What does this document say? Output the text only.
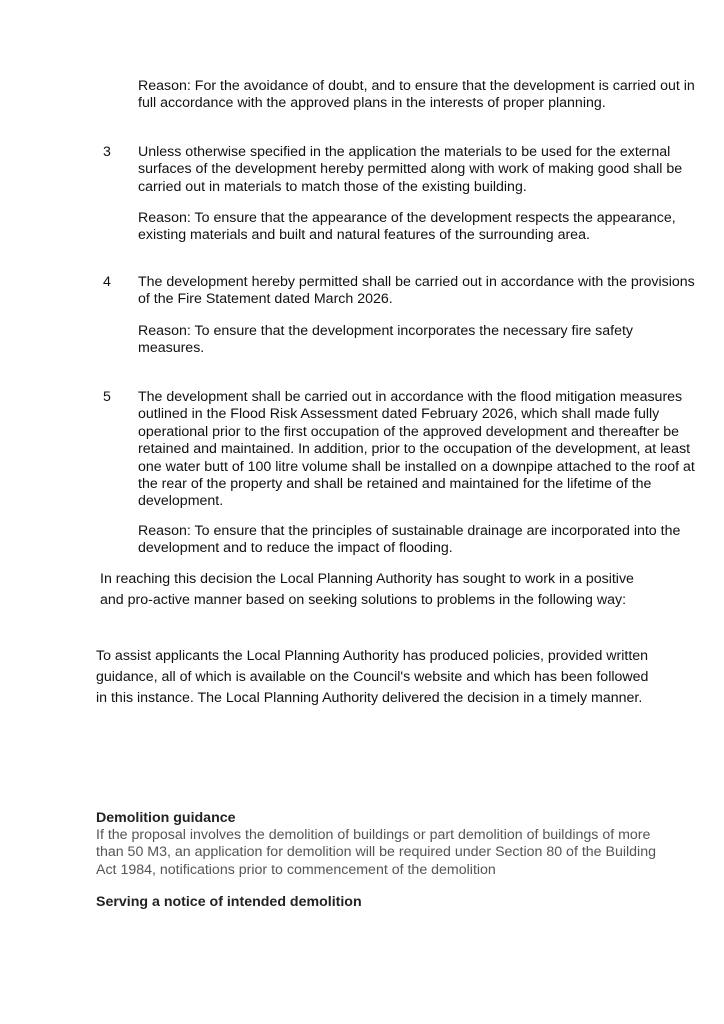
Reason: For the avoidance of doubt, and to ensure that the development is carried out in full accordance with the approved plans in the interests of proper planning.

3 Unless otherwise specified in the application the materials to be used for the external surfaces of the development hereby permitted along with work of making good shall be carried out in materials to match those of the existing building.

Reason: To ensure that the appearance of the development respects the appearance, existing materials and built and natural features of the surrounding area.

4 The development hereby permitted shall be carried out in accordance with the provisions of the Fire Statement dated March 2026.

Reason: To ensure that the development incorporates the necessary fire safety measures.

5 The development shall be carried out in accordance with the flood mitigation measures outlined in the Flood Risk Assessment dated February 2026, which shall made fully operational prior to the first occupation of the approved development and thereafter be retained and maintained. In addition, prior to the occupation of the development, at least one water butt of 100 litre volume shall be installed on a downpipe attached to the roof at the rear of the property and shall be retained and maintained for the lifetime of the development.

Reason: To ensure that the principles of sustainable drainage are incorporated into the development and to reduce the impact of flooding.

In reaching this decision the Local Planning Authority has sought to work in a positive and pro-active manner based on seeking solutions to problems in the following way:

To assist applicants the Local Planning Authority has produced policies, provided written guidance, all of which is available on the Council's website and which has been followed in this instance. The Local Planning Authority delivered the decision in a timely manner.

Demolition guidance

If the proposal involves the demolition of buildings or part demolition of buildings of more than 50 M3, an application for demolition will be required under Section 80 of the Building Act 1984, notifications prior to commencement of the demolition

Serving a notice of intended demolition
